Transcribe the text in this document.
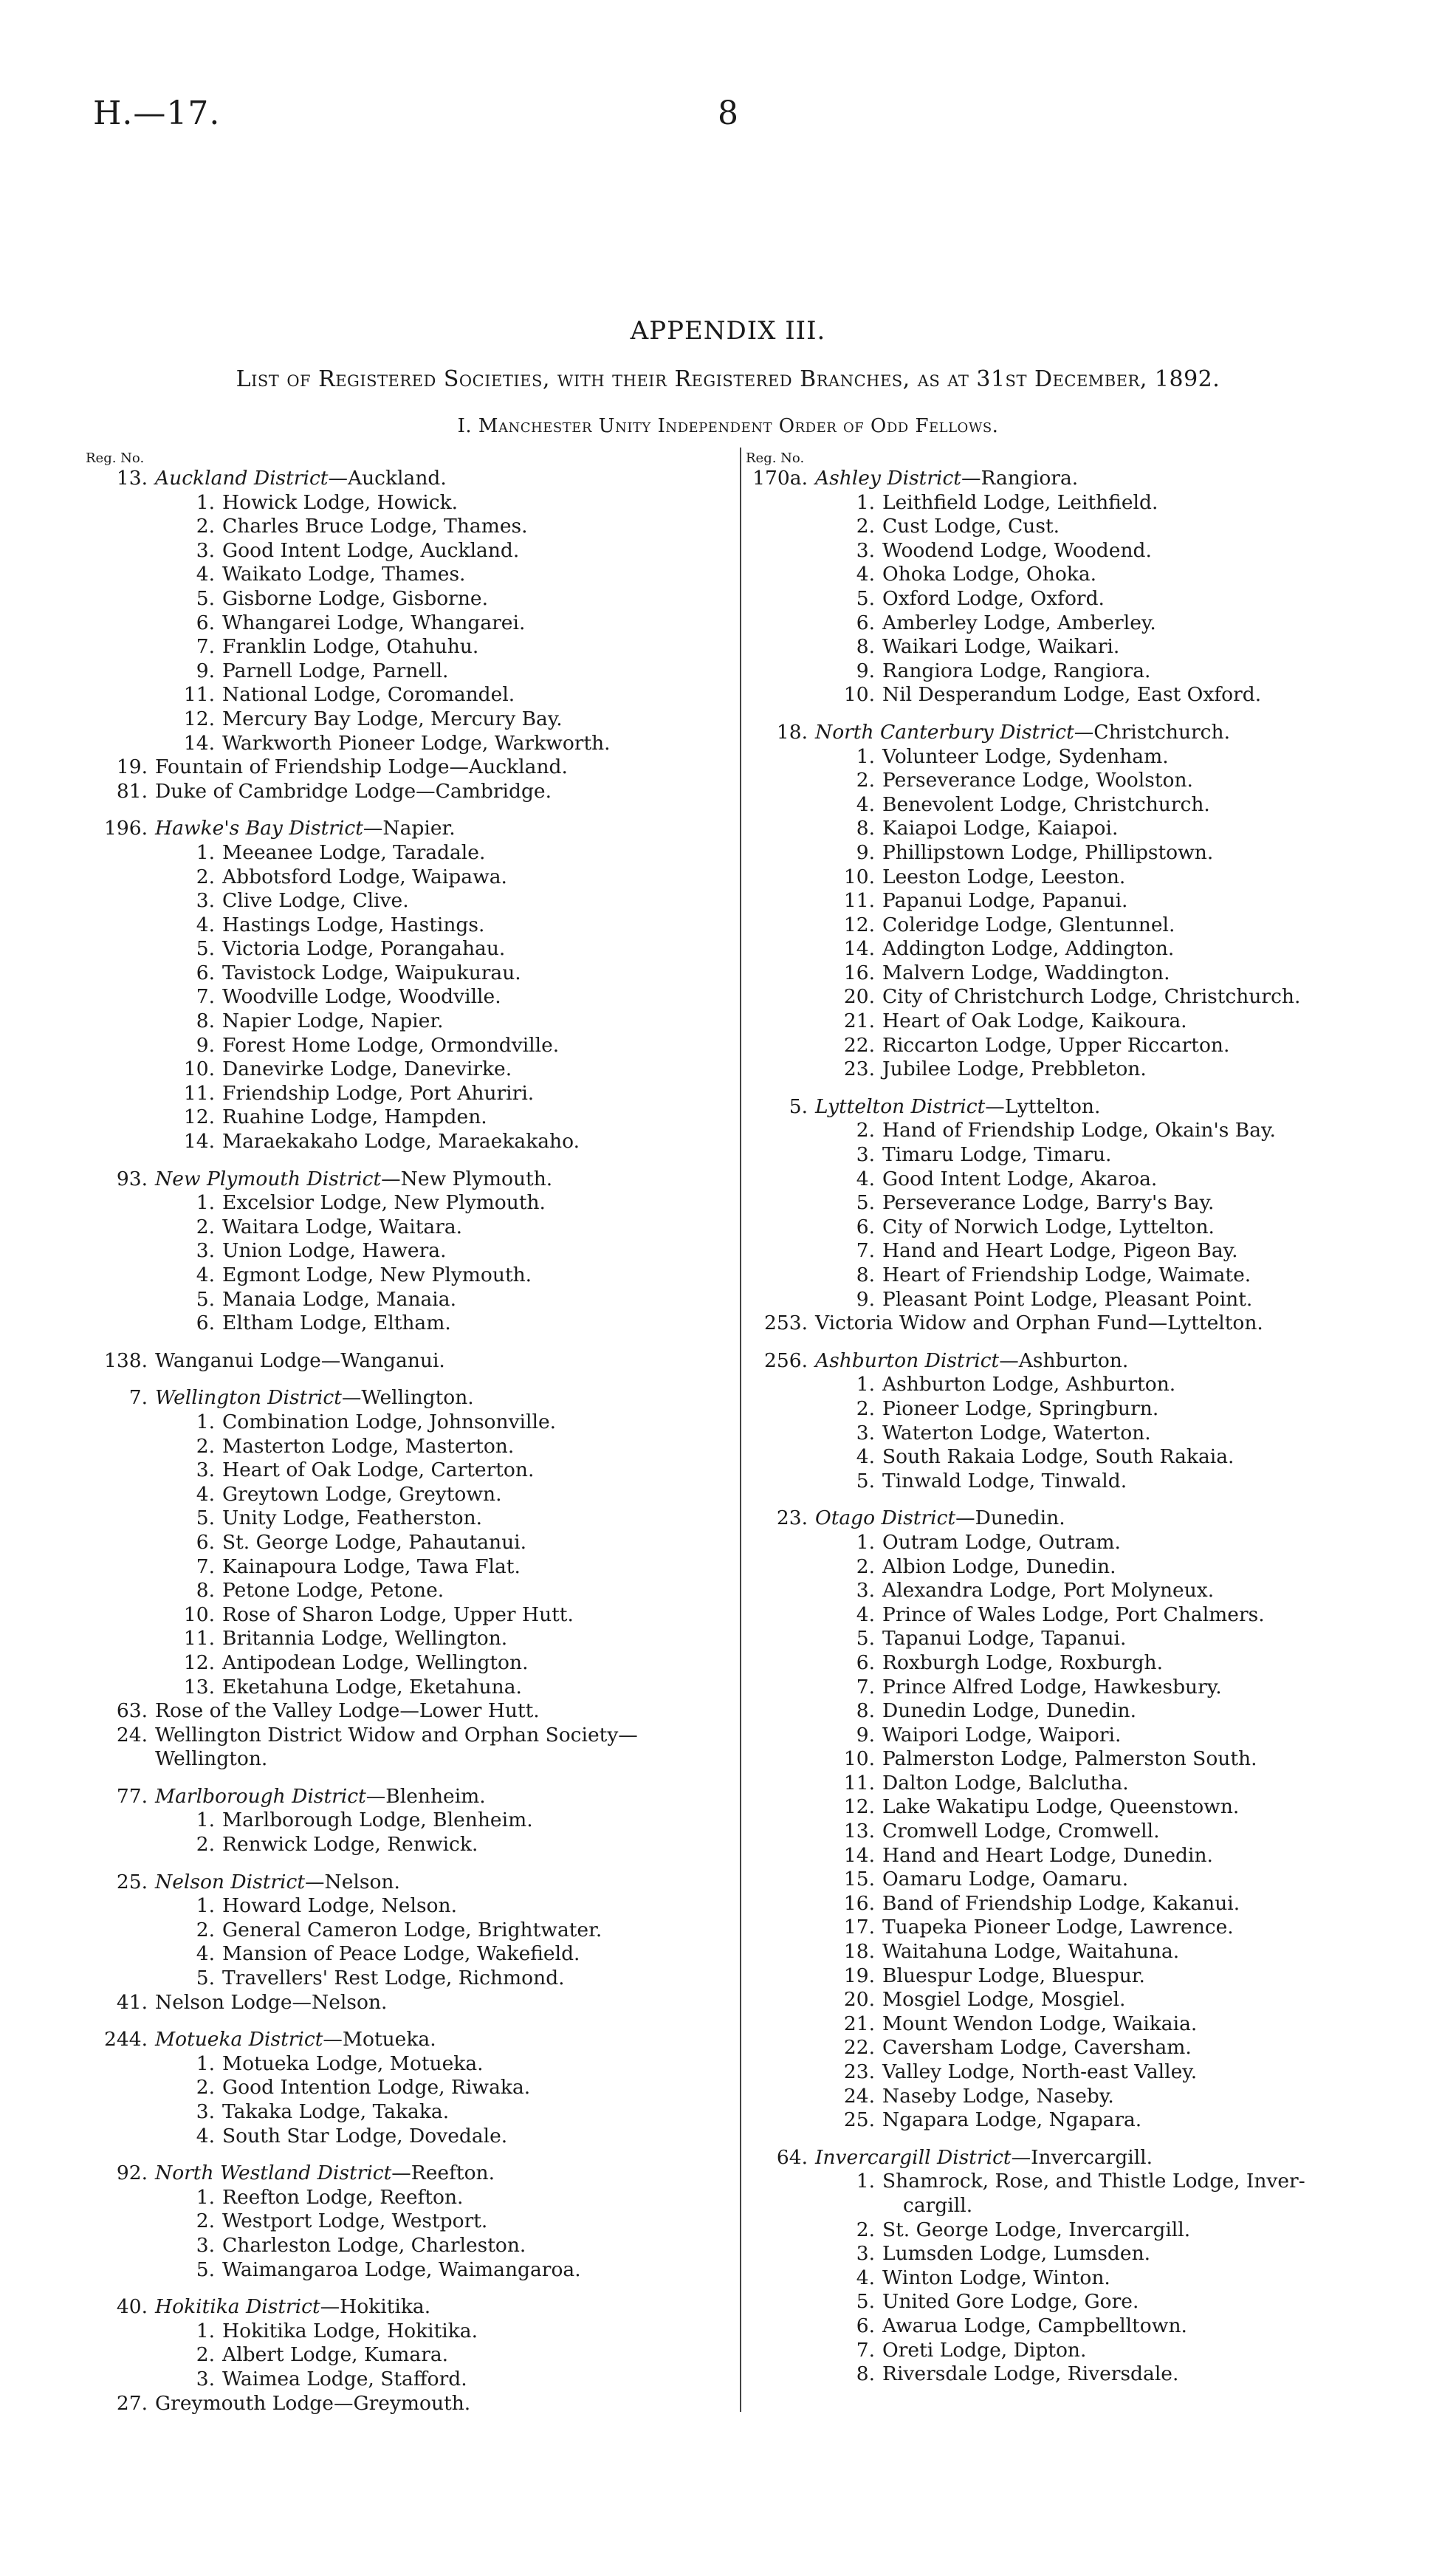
H.—17.	8
APPENDIX III.
List of Registered Societies, with their Registered Branches, as at 31st December, 1892.
I. Manchester Unity Independent Order of Odd Fellows.
Reg. No.
13. Auckland District—Auckland.
1. Howick Lodge, Howick.
2. Charles Bruce Lodge, Thames.
3. Good Intent Lodge, Auckland.
4. Waikato Lodge, Thames.
5. Gisborne Lodge, Gisborne.
6. Whangarei Lodge, Whangarei.
7. Franklin Lodge, Otahuhu.
9. Parnell Lodge, Parnell.
11. National Lodge, Coromandel.
12. Mercury Bay Lodge, Mercury Bay.
14. Warkworth Pioneer Lodge, Warkworth.
19. Fountain of Friendship Lodge—Auckland.
81. Duke of Cambridge Lodge—Cambridge.
196. Hawke's Bay District—Napier.
1. Meeanee Lodge, Taradale.
2. Abbotsford Lodge, Waipawa.
3. Clive Lodge, Clive.
4. Hastings Lodge, Hastings.
5. Victoria Lodge, Porangahau.
6. Tavistock Lodge, Waipukurau.
7. Woodville Lodge, Woodville.
8. Napier Lodge, Napier.
9. Forest Home Lodge, Ormondville.
10. Danevirke Lodge, Danevirke.
11. Friendship Lodge, Port Ahuriri.
12. Ruahine Lodge, Hampden.
14. Maraekakaho Lodge, Maraekakaho.
93. New Plymouth District—New Plymouth.
1. Excelsior Lodge, New Plymouth.
2. Waitara Lodge, Waitara.
3. Union Lodge, Hawera.
4. Egmont Lodge, New Plymouth.
5. Manaia Lodge, Manaia.
6. Eltham Lodge, Eltham.
138. Wanganui Lodge—Wanganui.
7. Wellington District—Wellington.
1. Combination Lodge, Johnsonville.
2. Masterton Lodge, Masterton.
3. Heart of Oak Lodge, Carterton.
4. Greytown Lodge, Greytown.
5. Unity Lodge, Featherston.
6. St. George Lodge, Pahautanui.
7. Kainapoura Lodge, Tawa Flat.
8. Petone Lodge, Petone.
10. Rose of Sharon Lodge, Upper Hutt.
11. Britannia Lodge, Wellington.
12. Antipodean Lodge, Wellington.
13. Eketahuna Lodge, Eketahuna.
63. Rose of the Valley Lodge—Lower Hutt.
24. Wellington District Widow and Orphan Society—
Wellington.
77. Marlborough District—Blenheim.
1. Marlborough Lodge, Blenheim.
2. Renwick Lodge, Renwick.
25. Nelson District—Nelson.
1. Howard Lodge, Nelson.
2. General Cameron Lodge, Brightwater.
4. Mansion of Peace Lodge, Wakefield.
5. Travellers' Rest Lodge, Richmond.
41. Nelson Lodge—Nelson.
244. Motueka District—Motueka.
1. Motueka Lodge, Motueka.
2. Good Intention Lodge, Riwaka.
3. Takaka Lodge, Takaka.
4. South Star Lodge, Dovedale.
92. North Westland District—Reefton.
1. Reefton Lodge, Reefton.
2. Westport Lodge, Westport.
3. Charleston Lodge, Charleston.
5. Waimangaroa Lodge, Waimangaroa.
40. Hokitika District—Hokitika.
1. Hokitika Lodge, Hokitika.
2. Albert Lodge, Kumara.
3. Waimea Lodge, Stafford.
27. Greymouth Lodge—Greymouth.
Reg. No.
170a. Ashley District—Rangiora.
1. Leithfield Lodge, Leithfield.
2. Cust Lodge, Cust.
3. Woodend Lodge, Woodend.
4. Ohoka Lodge, Ohoka.
5. Oxford Lodge, Oxford.
6. Amberley Lodge, Amberley.
8. Waikari Lodge, Waikari.
9. Rangiora Lodge, Rangiora.
10. Nil Desperandum Lodge, East Oxford.
18. North Canterbury District—Christchurch.
1. Volunteer Lodge, Sydenham.
2. Perseverance Lodge, Woolston.
4. Benevolent Lodge, Christchurch.
8. Kaiapoi Lodge, Kaiapoi.
9. Phillipstown Lodge, Phillipstown.
10. Leeston Lodge, Leeston.
11. Papanui Lodge, Papanui.
12. Coleridge Lodge, Glentunnel.
14. Addington Lodge, Addington.
16. Malvern Lodge, Waddington.
20. City of Christchurch Lodge, Christchurch.
21. Heart of Oak Lodge, Kaikoura.
22. Riccarton Lodge, Upper Riccarton.
23. Jubilee Lodge, Prebbleton.
5. Lyttelton District—Lyttelton.
2. Hand of Friendship Lodge, Okain's Bay.
3. Timaru Lodge, Timaru.
4. Good Intent Lodge, Akaroa.
5. Perseverance Lodge, Barry's Bay.
6. City of Norwich Lodge, Lyttelton.
7. Hand and Heart Lodge, Pigeon Bay.
8. Heart of Friendship Lodge, Waimate.
9. Pleasant Point Lodge, Pleasant Point.
253. Victoria Widow and Orphan Fund—Lyttelton.
256. Ashburton District—Ashburton.
1. Ashburton Lodge, Ashburton.
2. Pioneer Lodge, Springburn.
3. Waterton Lodge, Waterton.
4. South Rakaia Lodge, South Rakaia.
5. Tinwald Lodge, Tinwald.
23. Otago District—Dunedin.
1. Outram Lodge, Outram.
2. Albion Lodge, Dunedin.
3. Alexandra Lodge, Port Molyneux.
4. Prince of Wales Lodge, Port Chalmers.
5. Tapanui Lodge, Tapanui.
6. Roxburgh Lodge, Roxburgh.
7. Prince Alfred Lodge, Hawkesbury.
8. Dunedin Lodge, Dunedin.
9. Waipori Lodge, Waipori.
10. Palmerston Lodge, Palmerston South.
11. Dalton Lodge, Balclutha.
12. Lake Wakatipu Lodge, Queenstown.
13. Cromwell Lodge, Cromwell.
14. Hand and Heart Lodge, Dunedin.
15. Oamaru Lodge, Oamaru.
16. Band of Friendship Lodge, Kakanui.
17. Tuapeka Pioneer Lodge, Lawrence.
18. Waitahuna Lodge, Waitahuna.
19. Bluespur Lodge, Bluespur.
20. Mosgiel Lodge, Mosgiel.
21. Mount Wendon Lodge, Waikaia.
22. Caversham Lodge, Caversham.
23. Valley Lodge, North-east Valley.
24. Naseby Lodge, Naseby.
25. Ngapara Lodge, Ngapara.
64. Invercargill District—Invercargill.
1. Shamrock, Rose, and Thistle Lodge, Inver-
cargill.
2. St. George Lodge, Invercargill.
3. Lumsden Lodge, Lumsden.
4. Winton Lodge, Winton.
5. United Gore Lodge, Gore.
6. Awarua Lodge, Campbelltown.
7. Oreti Lodge, Dipton.
8. Riversdale Lodge, Riversdale.
